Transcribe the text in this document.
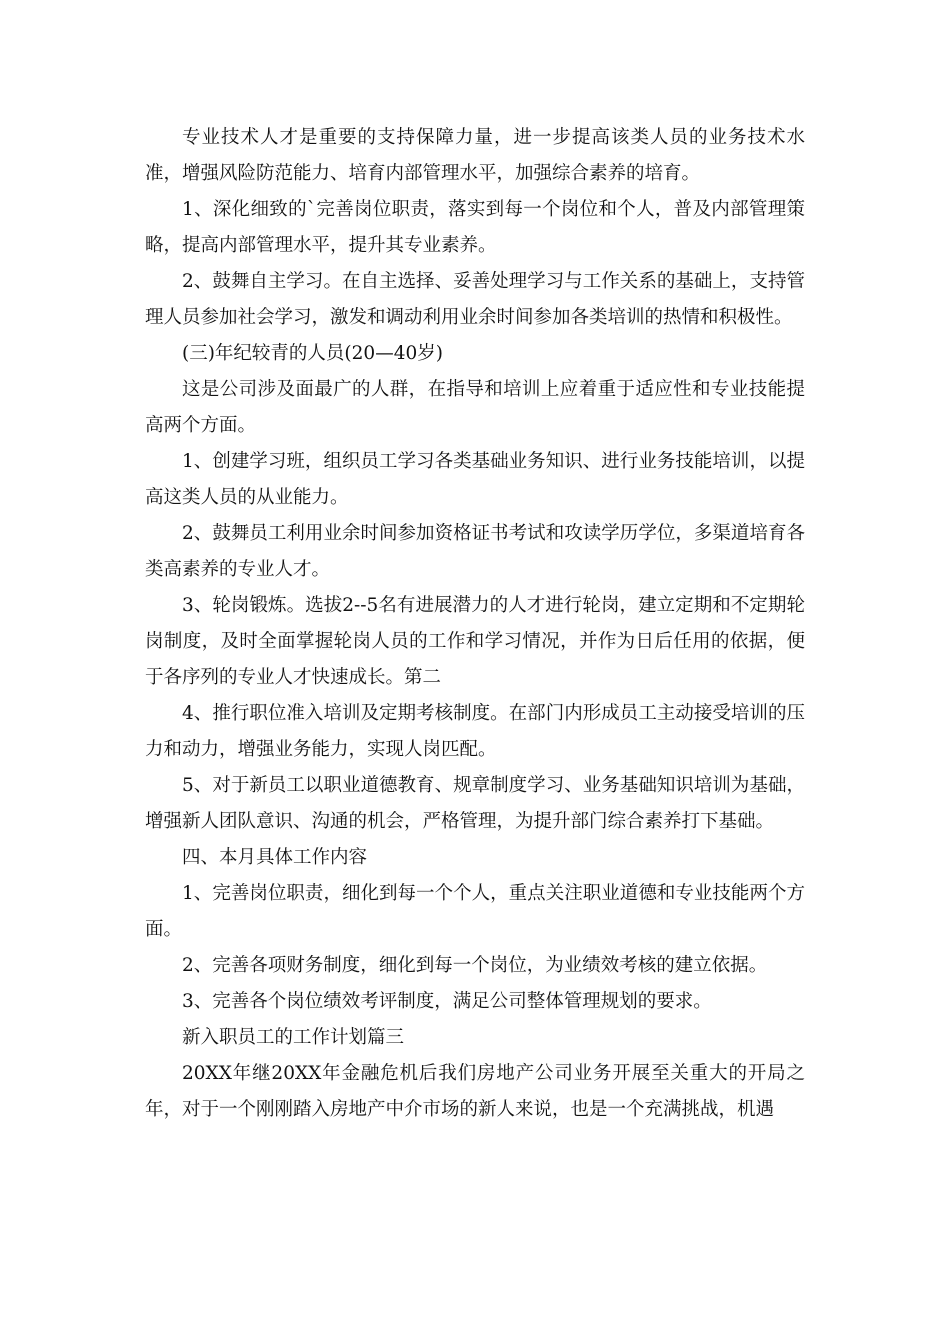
专业技术人才是重要的支持保障力量，进一步提高该类人员的业务技术水准，增强风险防范能力、培育内部管理水平，加强综合素养的培育。

1、深化细致的`完善岗位职责，落实到每一个岗位和个人，普及内部管理策略，提高内部管理水平，提升其专业素养。

2、鼓舞自主学习。在自主选择、妥善处理学习与工作关系的基础上，支持管理人员参加社会学习，激发和调动利用业余时间参加各类培训的热情和积极性。

(三)年纪较青的人员(20—40岁)

这是公司涉及面最广的人群，在指导和培训上应着重于适应性和专业技能提高两个方面。

1、创建学习班，组织员工学习各类基础业务知识、进行业务技能培训，以提高这类人员的从业能力。

2、鼓舞员工利用业余时间参加资格证书考试和攻读学历学位，多渠道培育各类高素养的专业人才。

3、轮岗锻炼。选拔2--5名有进展潜力的人才进行轮岗，建立定期和不定期轮岗制度，及时全面掌握轮岗人员的工作和学习情况，并作为日后任用的依据，便于各序列的专业人才快速成长。第二

4、推行职位准入培训及定期考核制度。在部门内形成员工主动接受培训的压力和动力，增强业务能力，实现人岗匹配。

5、对于新员工以职业道德教育、规章制度学习、业务基础知识培训为基础，增强新人团队意识、沟通的机会，严格管理，为提升部门综合素养打下基础。

四、本月具体工作内容

1、完善岗位职责，细化到每一个个人，重点关注职业道德和专业技能两个方面。

2、完善各项财务制度，细化到每一个岗位，为业绩效考核的建立依据。

3、完善各个岗位绩效考评制度，满足公司整体管理规划的要求。

新入职员工的工作计划篇三

20XX年继20XX年金融危机后我们房地产公司业务开展至关重大的开局之年，对于一个刚刚踏入房地产中介市场的新人来说，也是一个充满挑战，机遇
